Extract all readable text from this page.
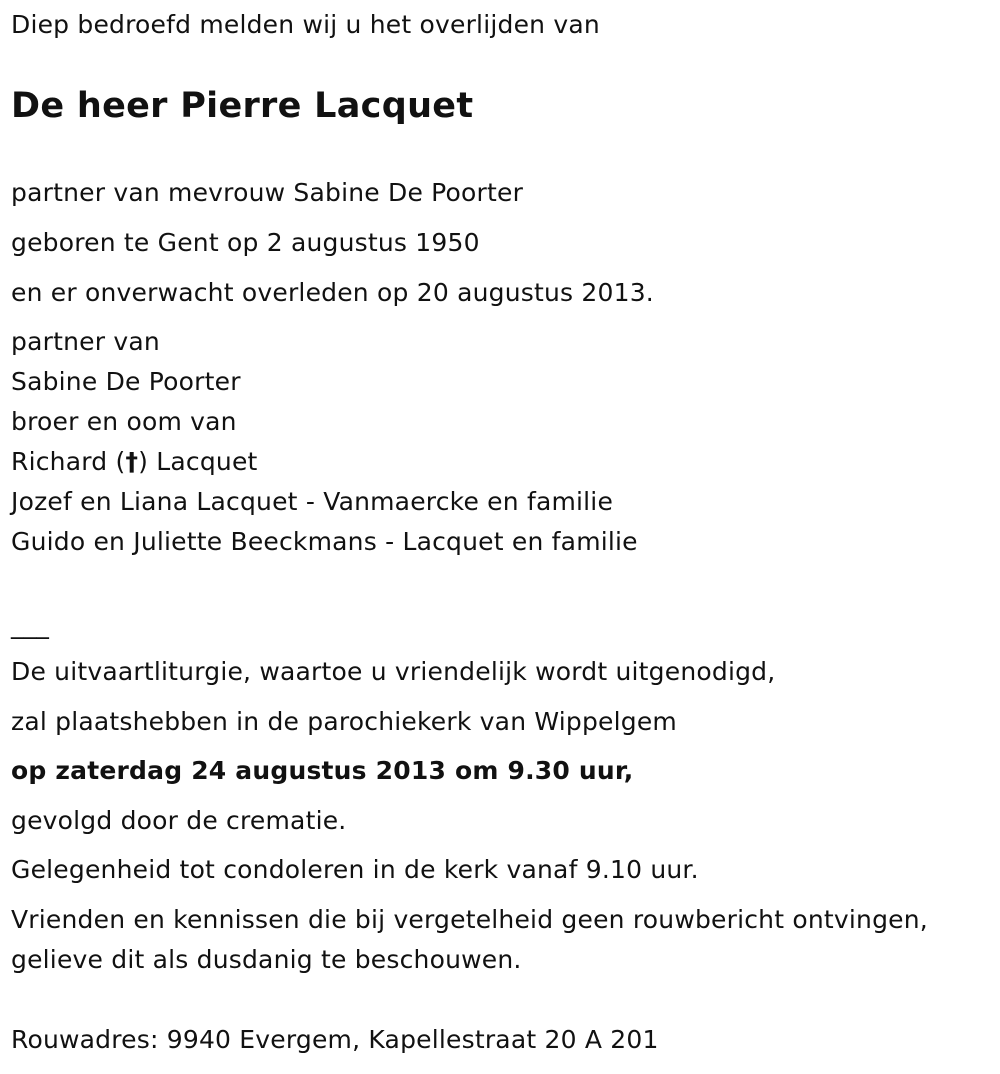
Diep bedroefd melden wij u het overlijden van
De heer Pierre Lacquet
partner van mevrouw Sabine De Poorter
geboren te Gent op 2 augustus 1950
en er onverwacht overleden op 20 augustus 2013.
partner van
Sabine De Poorter
broer en oom van
Richard (†) Lacquet
Jozef en Liana Lacquet - Vanmaercke en familie
Guido en Juliette Beeckmans - Lacquet en familie
___
De uitvaartliturgie, waartoe u vriendelijk wordt uitgenodigd,
zal plaatshebben in de parochiekerk van Wippelgem
op zaterdag 24 augustus 2013 om 9.30 uur,
gevolgd door de crematie.
Gelegenheid tot condoleren in de kerk vanaf 9.10 uur.
Vrienden en kennissen die bij vergetelheid geen rouwbericht ontvingen,
gelieve dit als dusdanig te beschouwen.
Rouwadres: 9940 Evergem, Kapellestraat 20 A 201
